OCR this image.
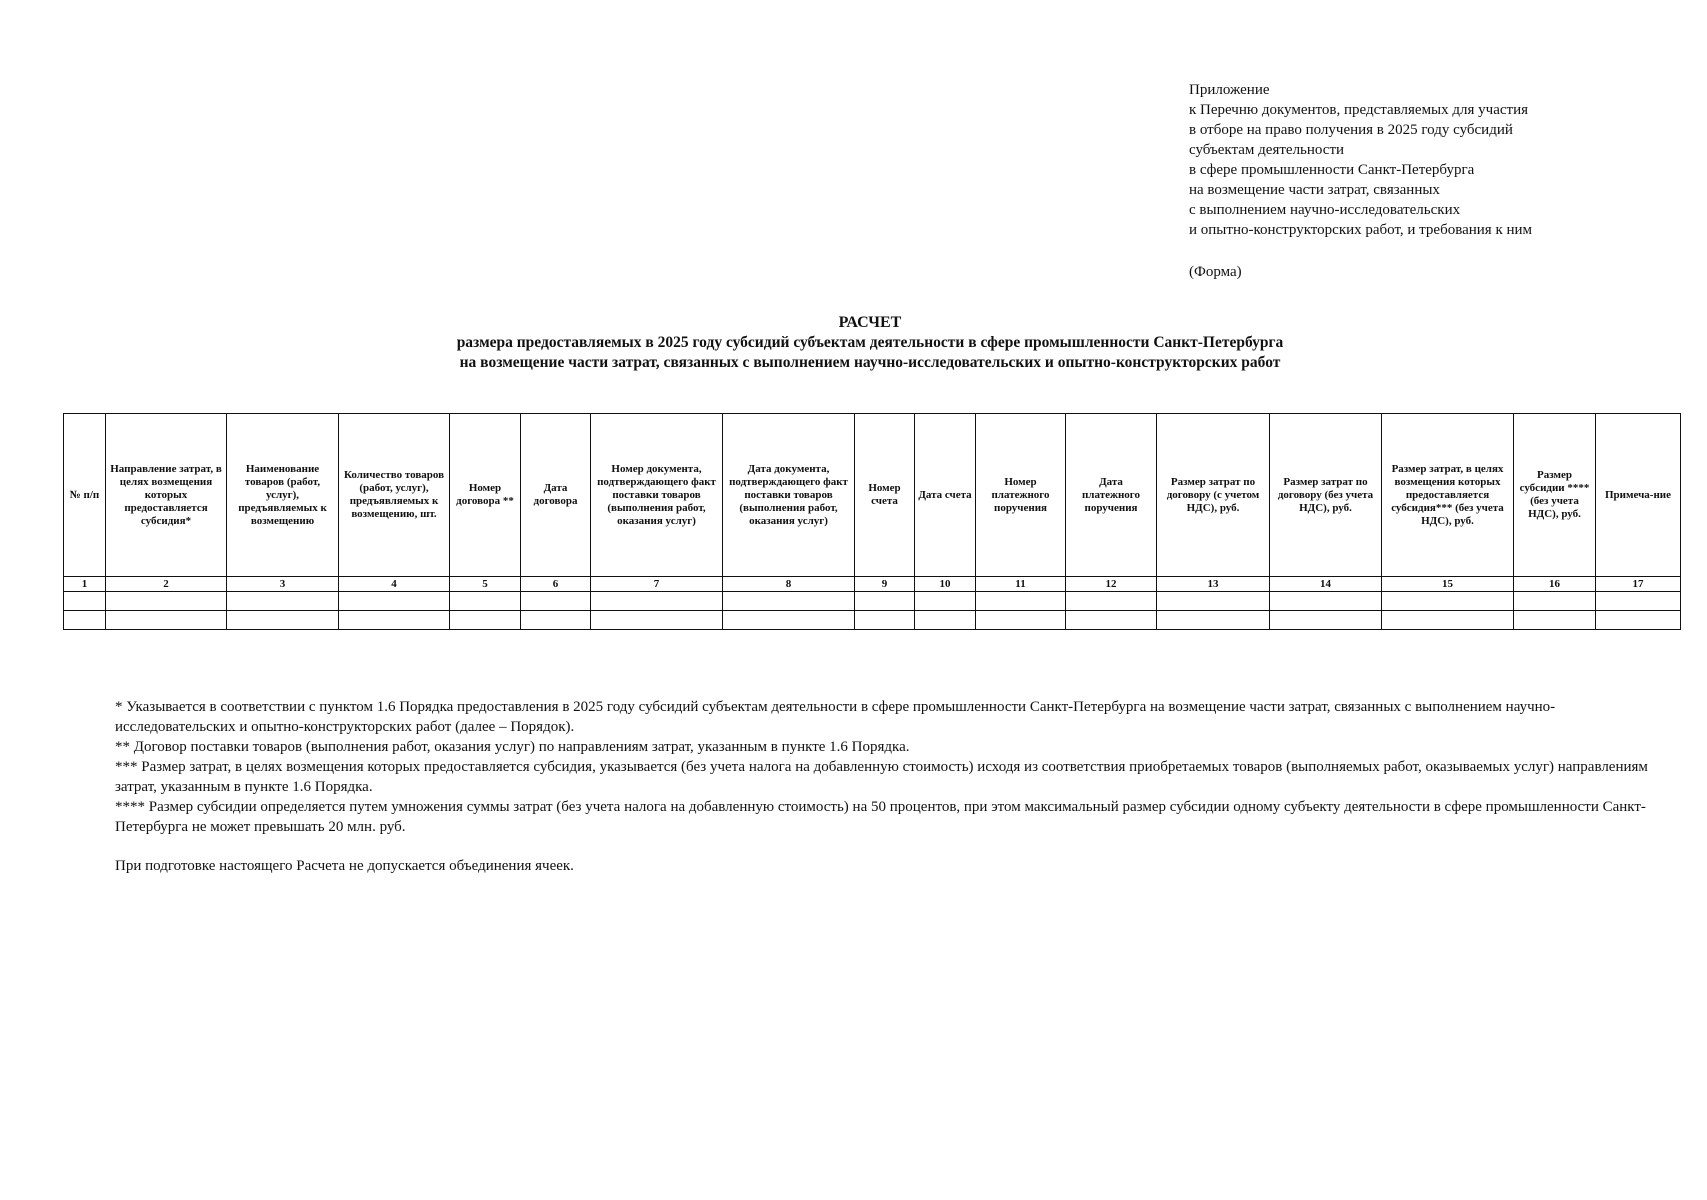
Приложение
к Перечню документов, представляемых для участия
в отборе на право получения в 2025 году субсидий
субъектам деятельности
в сфере промышленности Санкт-Петербурга
на возмещение части затрат, связанных
с выполнением научно-исследовательских
и опытно-конструкторских работ, и требования к ним
(Форма)
РАСЧЕТ
размера предоставляемых в 2025 году субсидий субъектам деятельности в сфере промышленности Санкт-Петербурга
на возмещение части затрат, связанных с выполнением научно-исследовательских и опытно-конструкторских работ
№ п/п	Направление затрат, в целях возмещения которых предоставляется субсидия*	Наименование товаров (работ, услуг), предъявляемых к возмещению	Количество товаров (работ, услуг), предъявляемых к возмещению, шт.	Номер договора **	Дата договора	Номер документа, подтверждающего факт поставки товаров (выполнения работ, оказания услуг)	Дата документа, подтверждающего факт поставки товаров (выполнения работ, оказания услуг)	Номер счета	Дата счета	Номер платежного поручения	Дата платежного поручения	Размер затрат по договору (с учетом НДС), руб.	Размер затрат по договору (без учета НДС), руб.	Размер затрат, в целях возмещения которых предоставляется субсидия*** (без учета НДС), руб.	Размер субсидии **** (без учета НДС), руб.	Примеча-ние
1	2	3	4	5	6	7	8	9	10	11	12	13	14	15	16	17

* Указывается в соответствии с пунктом 1.6 Порядка предоставления в 2025 году субсидий субъектам деятельности в сфере промышленности Санкт-Петербурга на возмещение части затрат, связанных с выполнением научно-исследовательских и опытно-конструкторских работ (далее – Порядок).

** Договор поставки товаров (выполнения работ, оказания услуг) по направлениям затрат, указанным в пункте 1.6 Порядка.

*** Размер затрат, в целях возмещения которых предоставляется субсидия, указывается (без учета налога на добавленную стоимость) исходя из соответствия приобретаемых товаров (выполняемых работ, оказываемых услуг) направлениям затрат, указанным в пункте 1.6 Порядка.

**** Размер субсидии определяется путем умножения суммы затрат (без учета налога на добавленную стоимость) на 50 процентов, при этом максимальный размер субсидии одному субъекту деятельности в сфере промышленности Санкт-Петербурга не может превышать 20 млн. руб.

При подготовке настоящего Расчета не допускается объединения ячеек.
